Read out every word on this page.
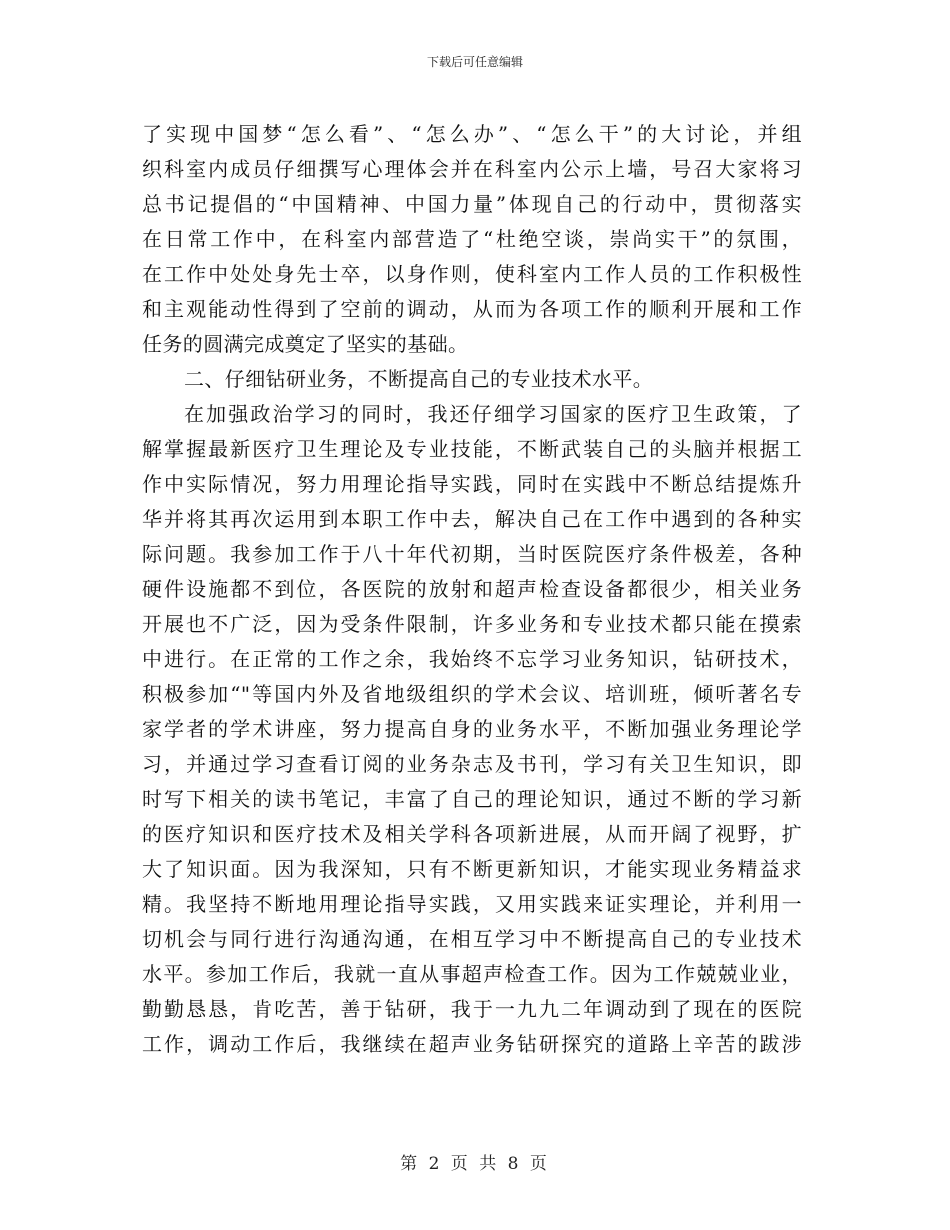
下载后可任意编辑
了实现中国梦“怎么看”、“怎么办”、“怎么干”的大讨论，并组
织科室内成员仔细撰写心理体会并在科室内公示上墙，号召大家将习
总书记提倡的“中国精神、中国力量”体现自己的行动中，贯彻落实
在日常工作中，在科室内部营造了“杜绝空谈，崇尚实干”的氛围，
在工作中处处身先士卒，以身作则，使科室内工作人员的工作积极性
和主观能动性得到了空前的调动，从而为各项工作的顺利开展和工作
任务的圆满完成奠定了坚实的基础。
二、仔细钻研业务，不断提高自己的专业技术水平。
在加强政治学习的同时，我还仔细学习国家的医疗卫生政策，了
解掌握最新医疗卫生理论及专业技能，不断武装自己的头脑并根据工
作中实际情况，努力用理论指导实践，同时在实践中不断总结提炼升
华并将其再次运用到本职工作中去，解决自己在工作中遇到的各种实
际问题。我参加工作于八十年代初期，当时医院医疗条件极差，各种
硬件设施都不到位，各医院的放射和超声检查设备都很少，相关业务
开展也不广泛，因为受条件限制，许多业务和专业技术都只能在摸索
中进行。在正常的工作之余，我始终不忘学习业务知识，钻研技术，
积极参加“"等国内外及省地级组织的学术会议、培训班，倾听著名专
家学者的学术讲座，努力提高自身的业务水平，不断加强业务理论学
习，并通过学习查看订阅的业务杂志及书刊，学习有关卫生知识，即
时写下相关的读书笔记，丰富了自己的理论知识，通过不断的学习新
的医疗知识和医疗技术及相关学科各项新进展，从而开阔了视野，扩
大了知识面。因为我深知，只有不断更新知识，才能实现业务精益求
精。我坚持不断地用理论指导实践，又用实践来证实理论，并利用一
切机会与同行进行沟通沟通，在相互学习中不断提高自己的专业技术
水平。参加工作后，我就一直从事超声检查工作。因为工作兢兢业业，
勤勤恳恳，肯吃苦，善于钻研，我于一九九二年调动到了现在的医院
工作，调动工作后，我继续在超声业务钻研探究的道路上辛苦的跋涉
第 2 页 共 8 页
